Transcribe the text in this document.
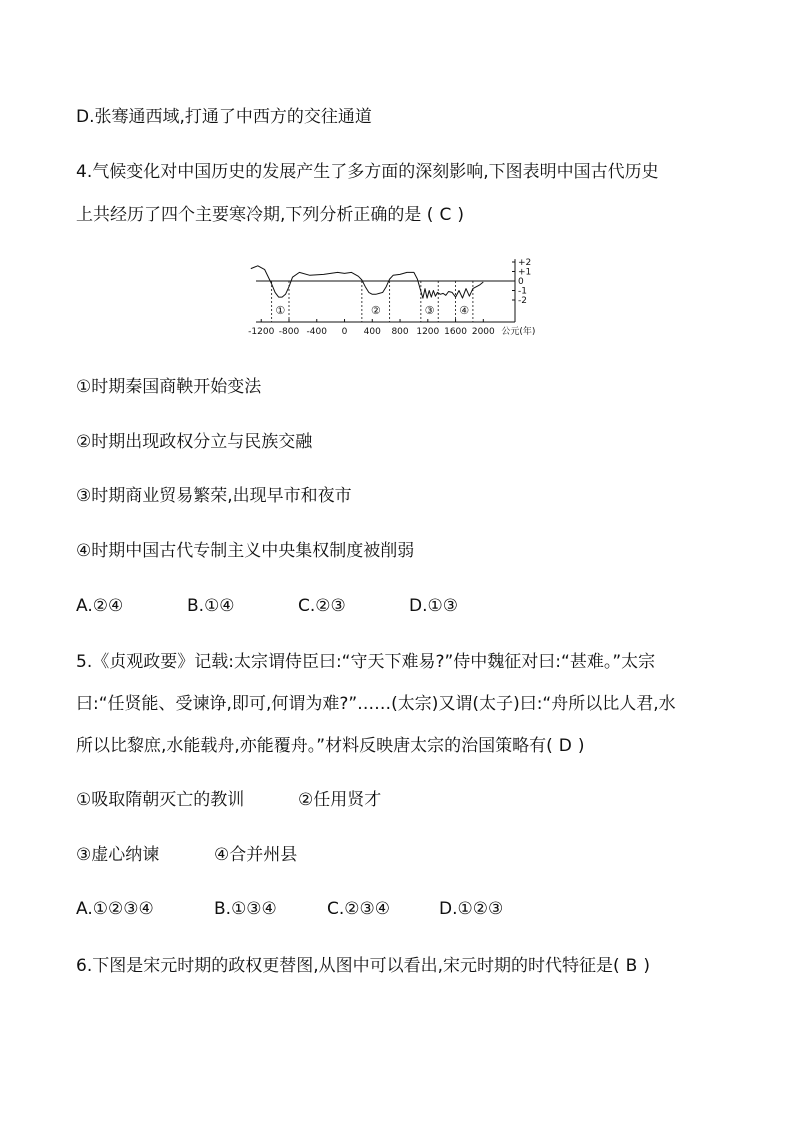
D.张骞通西域,打通了中西方的交往通道
4.气候变化对中国历史的发展产生了多方面的深刻影响,下图表明中国古代历史
上共经历了四个主要寒冷期,下列分析正确的是 ( C )
+2
+1
0
-1
-2
-1200 -800 -400 0 400 800 1200 1600 2000 公元(年)
①	②	③ ④
①时期秦国商鞅开始变法
②时期出现政权分立与民族交融
③时期商业贸易繁荣,出现早市和夜市
④时期中国古代专制主义中央集权制度被削弱
A.②④	B.①④	C.②③	D.①③
5.《贞观政要》记载:太宗谓侍臣曰:“守天下难易?”侍中魏征对曰:“甚难。”太宗
曰:“任贤能、受谏诤,即可,何谓为难?”……(太宗)又谓(太子)曰:“舟所以比人君,水
所以比黎庶,水能载舟,亦能覆舟。”材料反映唐太宗的治国策略有( D )
①吸取隋朝灭亡的教训	②任用贤才
③虚心纳谏	④合并州县
A.①②③④	B.①③④	C.②③④	D.①②③
6.下图是宋元时期的政权更替图,从图中可以看出,宋元时期的时代特征是( B )
